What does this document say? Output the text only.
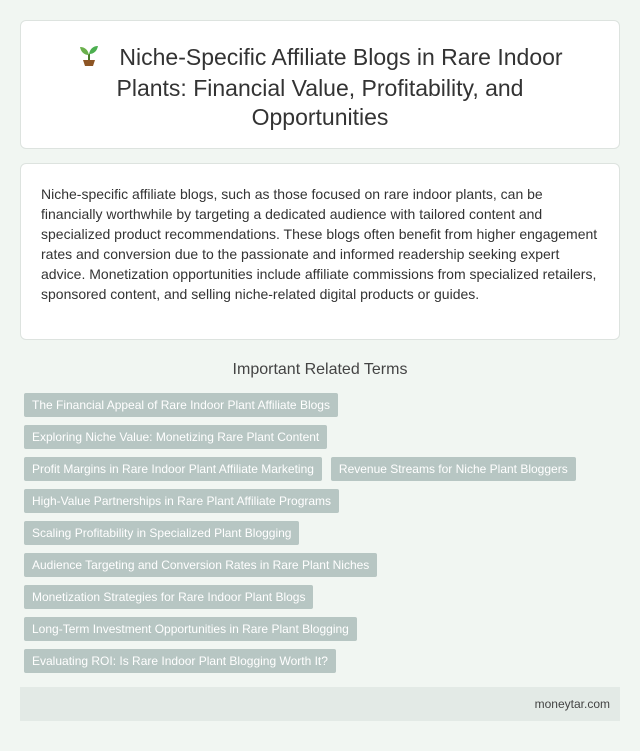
Niche-Specific Affiliate Blogs in Rare Indoor Plants: Financial Value, Profitability, and Opportunities

Niche-specific affiliate blogs, such as those focused on rare indoor plants, can be financially worthwhile by targeting a dedicated audience with tailored content and specialized product recommendations. These blogs often benefit from higher engagement rates and conversion due to the passionate and informed readership seeking expert advice. Monetization opportunities include affiliate commissions from specialized retailers, sponsored content, and selling niche-related digital products or guides.

Important Related Terms
The Financial Appeal of Rare Indoor Plant Affiliate Blogs
Exploring Niche Value: Monetizing Rare Plant Content
Profit Margins in Rare Indoor Plant Affiliate Marketing	Revenue Streams for Niche Plant Bloggers
High-Value Partnerships in Rare Plant Affiliate Programs
Scaling Profitability in Specialized Plant Blogging
Audience Targeting and Conversion Rates in Rare Plant Niches
Monetization Strategies for Rare Indoor Plant Blogs
Long-Term Investment Opportunities in Rare Plant Blogging
Evaluating ROI: Is Rare Indoor Plant Blogging Worth It?
moneytar.com
